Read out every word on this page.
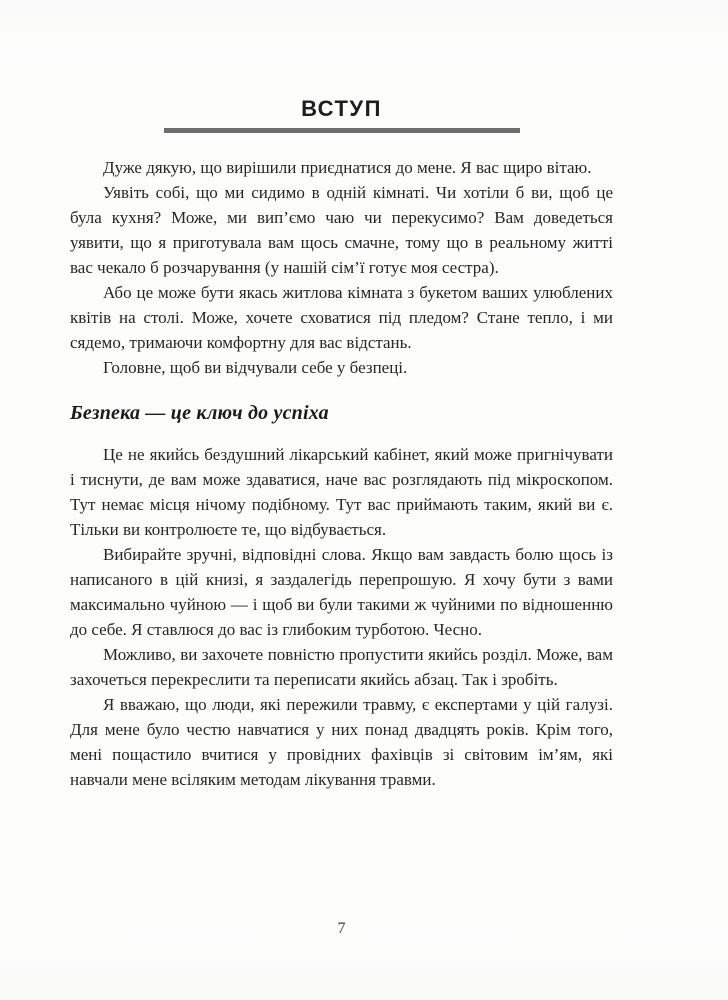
ВСТУП

Дуже дякую, що вирішили приєднатися до мене. Я вас щиро вітаю.

Уявіть собі, що ми сидимо в одній кімнаті. Чи хотіли б ви, щоб це була кухня? Може, ми вип’ємо чаю чи перекусимо? Вам доведеться уявити, що я приготувала вам щось смачне, тому що в реальному житті вас чекало б розчарування (у нашій сім’ї готує моя сестра).

Або це може бути якась житлова кімната з букетом ваших улюблених квітів на столі. Може, хочете сховатися під пледом? Стане тепло, і ми сядемо, тримаючи комфортну для вас відстань.

Головне, щоб ви відчували себе у безпеці.

Безпека — це ключ до успіха

Це не якийсь бездушний лікарський кабінет, який може пригнічувати і тиснути, де вам може здаватися, наче вас розглядають під мікроскопом. Тут немає місця нічому подібному. Тут вас приймають таким, який ви є. Тільки ви контролюєте те, що відбувається.

Вибирайте зручні, відповідні слова. Якщо вам завдасть болю щось із написаного в цій книзі, я заздалегідь перепрошую. Я хочу бути з вами максимально чуйною — і щоб ви були такими ж чуйними по відношенню до себе. Я ставлюся до вас із глибоким турботою. Чесно.

Можливо, ви захочете повністю пропустити якийсь розділ. Може, вам захочеться перекреслити та переписати якийсь абзац. Так і зробіть.

Я вважаю, що люди, які пережили травму, є експертами у цій галузі. Для мене було честю навчатися у них понад двадцять років. Крім того, мені пощастило вчитися у провідних фахівців зі світовим ім’ям, які навчали мене всіляким методам лікування травми.

7
